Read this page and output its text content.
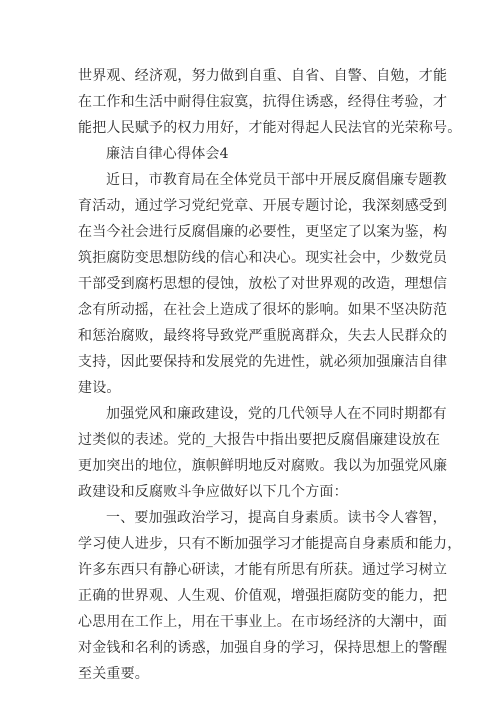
世界观、经济观，努力做到自重、自省、自警、自勉，才能
在工作和生活中耐得住寂寞，抗得住诱惑，经得住考验，才
能把人民赋予的权力用好，才能对得起人民法官的光荣称号。
廉洁自律心得体会4
近日，市教育局在全体党员干部中开展反腐倡廉专题教
育活动，通过学习党纪党章、开展专题讨论，我深刻感受到
在当今社会进行反腐倡廉的必要性，更坚定了以案为鉴，构
筑拒腐防变思想防线的信心和决心。现实社会中，少数党员
干部受到腐朽思想的侵蚀，放松了对世界观的改造，理想信
念有所动摇，在社会上造成了很坏的影响。如果不坚决防范
和惩治腐败，最终将导致党严重脱离群众，失去人民群众的
支持，因此要保持和发展党的先进性，就必须加强廉洁自律
建设。
加强党风和廉政建设，党的几代领导人在不同时期都有
过类似的表述。党的_大报告中指出要把反腐倡廉建设放在
更加突出的地位，旗帜鲜明地反对腐败。我以为加强党风廉
政建设和反腐败斗争应做好以下几个方面：
一、要加强政治学习，提高自身素质。读书令人睿智，
学习使人进步，只有不断加强学习才能提高自身素质和能力，
许多东西只有静心研读，才能有所思有所获。通过学习树立
正确的世界观、人生观、价值观，增强拒腐防变的能力，把
心思用在工作上，用在干事业上。在市场经济的大潮中，面
对金钱和名利的诱惑，加强自身的学习，保持思想上的警醒
至关重要。
